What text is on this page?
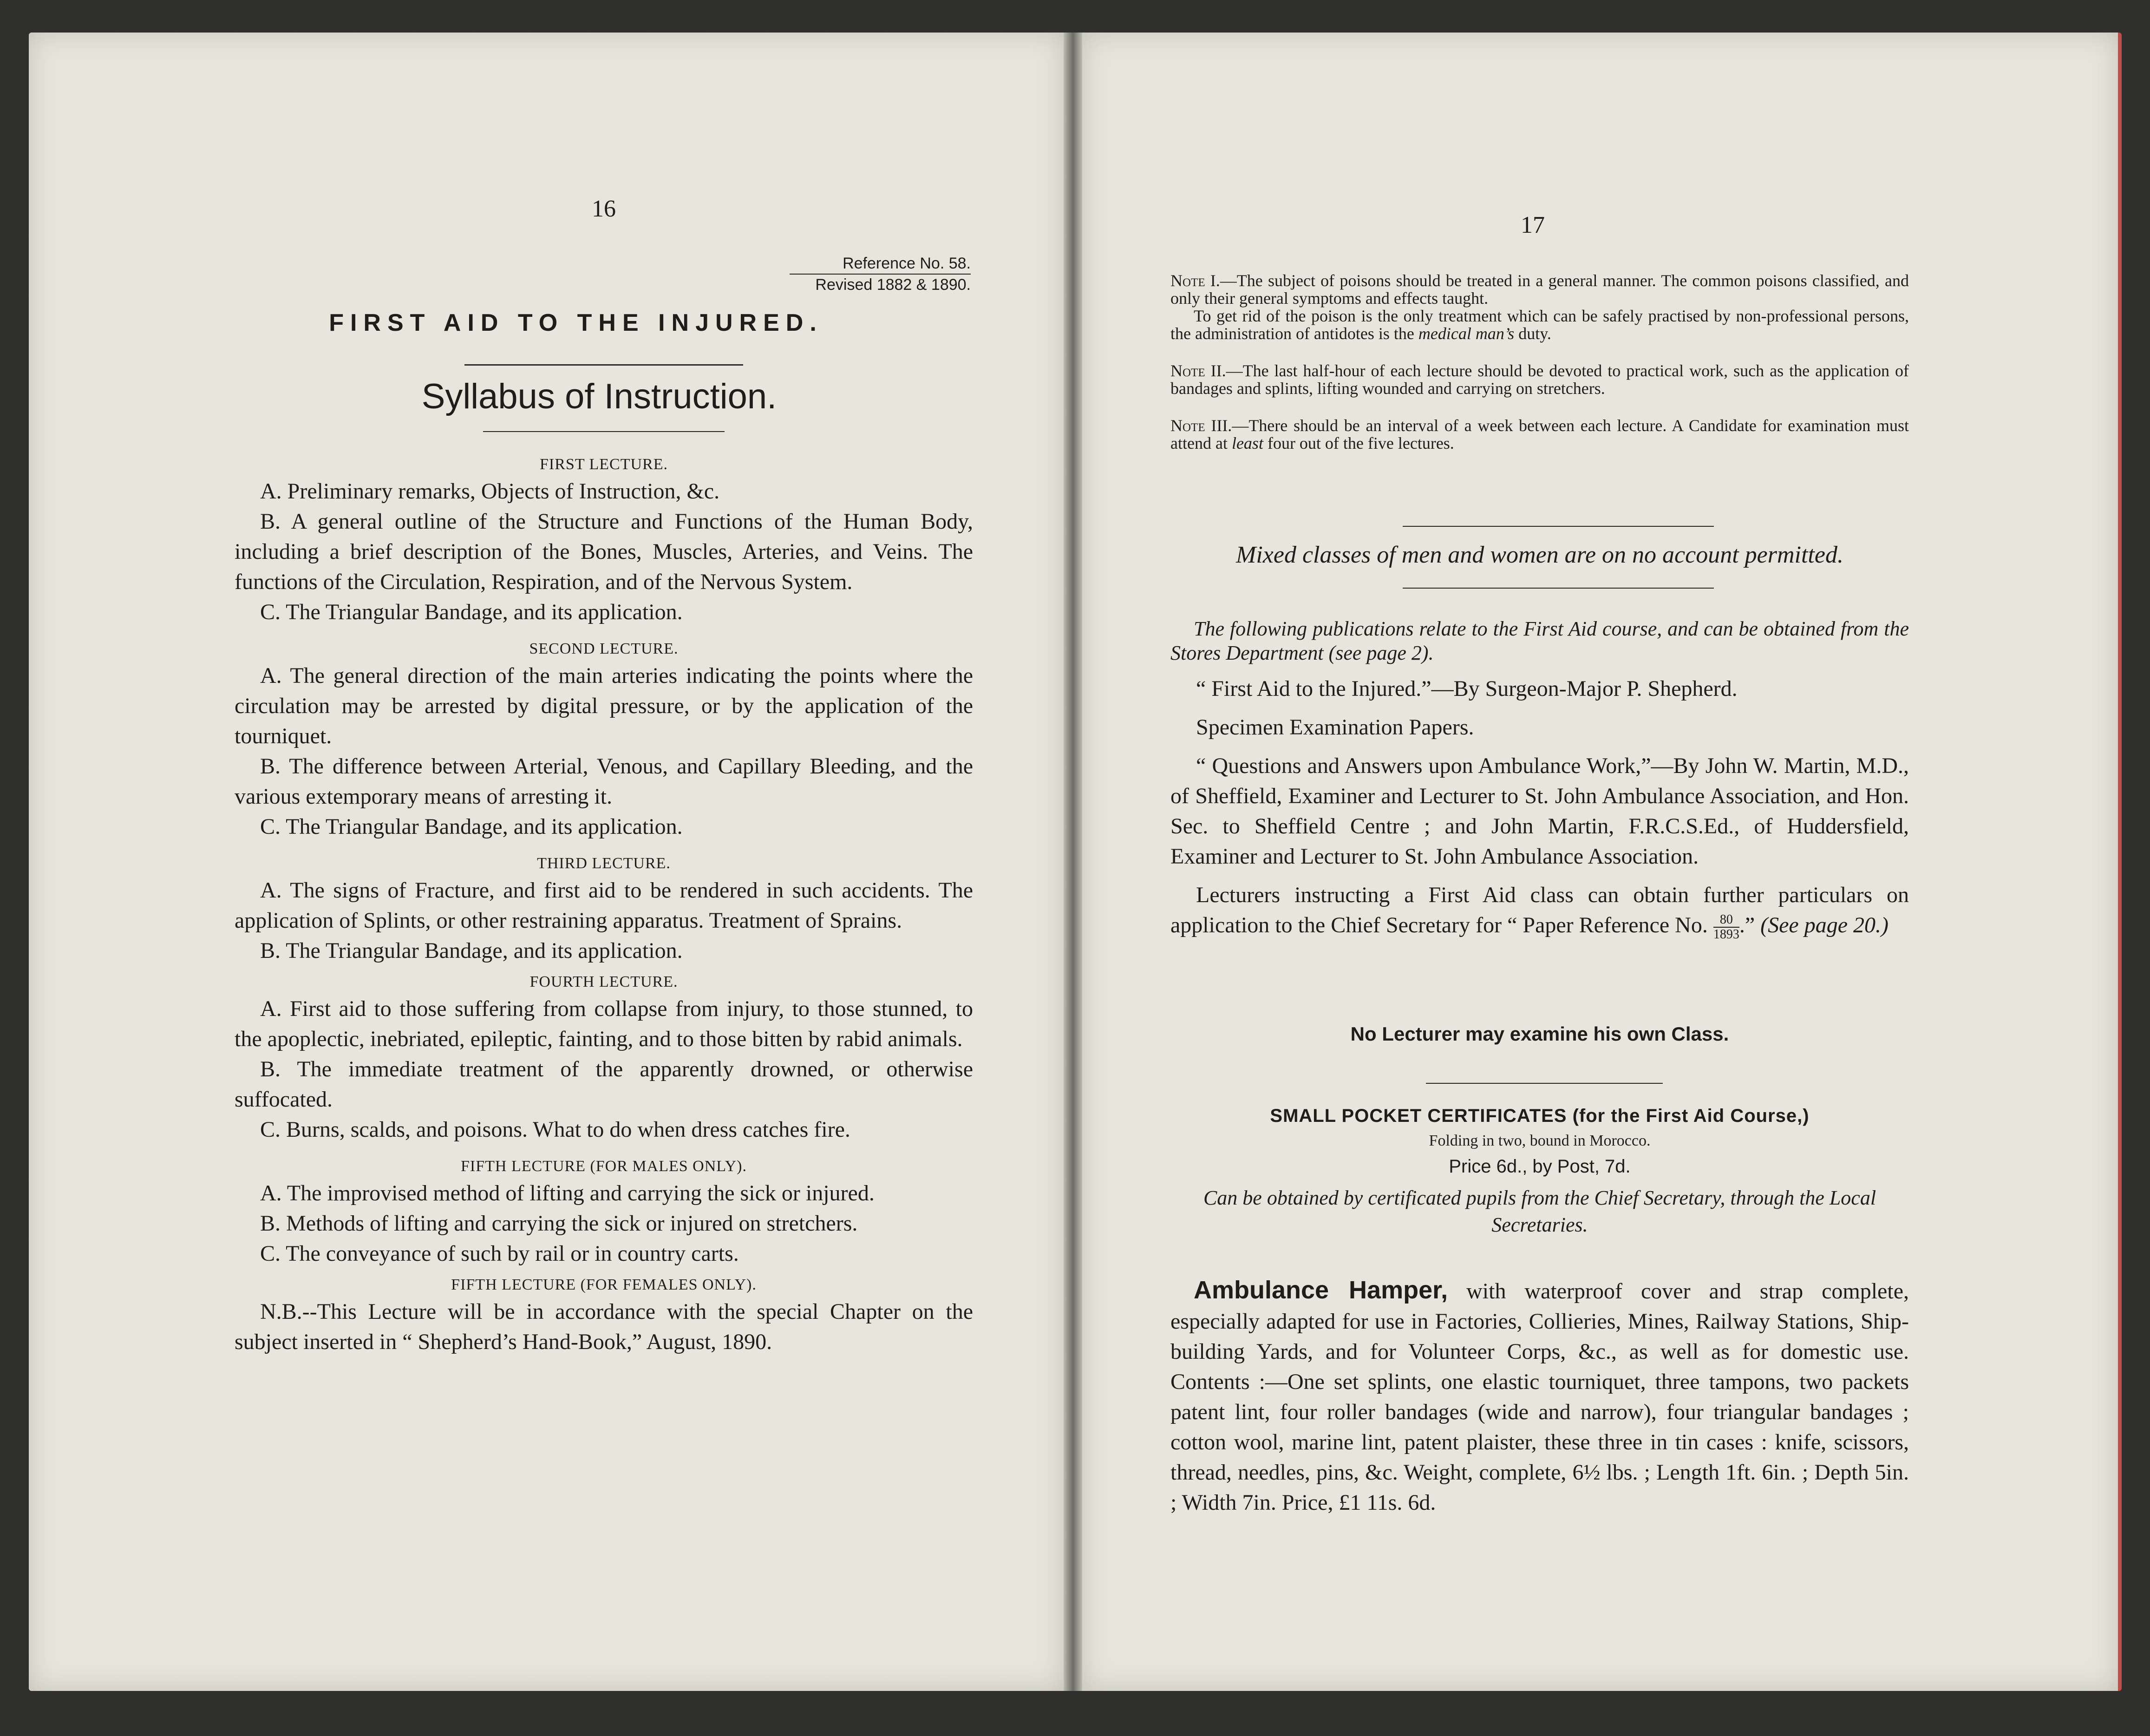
16
Reference No. 58.
Revised 1882 & 1890.
FIRST AID TO THE INJURED.
Syllabus of Instruction.
FIRST LECTURE.
A. Preliminary remarks, Objects of Instruction, &c.
B. A general outline of the Structure and Functions of the Human Body, including a brief description of the Bones, Muscles, Arteries, and Veins. The functions of the Circulation, Respiration, and of the Nervous System.
C. The Triangular Bandage, and its application.
SECOND LECTURE.
A. The general direction of the main arteries indicating the points where the circulation may be arrested by digital pressure, or by the application of the tourniquet.
B. The difference between Arterial, Venous, and Capillary Bleeding, and the various extemporary means of arresting it.
C. The Triangular Bandage, and its application.
THIRD LECTURE.
A. The signs of Fracture, and first aid to be rendered in such accidents. The application of Splints, or other restraining apparatus. Treatment of Sprains.
B. The Triangular Bandage, and its application.
FOURTH LECTURE.
A. First aid to those suffering from collapse from injury, to those stunned, to the apoplectic, inebriated, epileptic, fainting, and to those bitten by rabid animals.
B. The immediate treatment of the apparently drowned, or otherwise suffocated.
C. Burns, scalds, and poisons. What to do when dress catches fire.
FIFTH LECTURE (FOR MALES ONLY).
A. The improvised method of lifting and carrying the sick or injured.
B. Methods of lifting and carrying the sick or injured on stretchers.
C. The conveyance of such by rail or in country carts.
FIFTH LECTURE (FOR FEMALES ONLY).
N.B.--This Lecture will be in accordance with the special Chapter on the subject inserted in “ Shepherd’s Hand-Book,” August, 1890.
17
Note I.—The subject of poisons should be treated in a general manner. The common poisons classified, and only their general symptoms and effects taught.
To get rid of the poison is the only treatment which can be safely practised by non-professional persons, the administration of antidotes is the medical man’s duty.
Note II.—The last half-hour of each lecture should be devoted to practical work, such as the application of bandages and splints, lifting wounded and carrying on stretchers.
Note III.—There should be an interval of a week between each lecture. A Candidate for examination must attend at least four out of the five lectures.
Mixed classes of men and women are on no account permitted.
The following publications relate to the First Aid course, and can be obtained from the Stores Department (see page 2).
“ First Aid to the Injured.”—By Surgeon-Major P. Shepherd.
Specimen Examination Papers.
“ Questions and Answers upon Ambulance Work,”—By John W. Martin, M.D., of Sheffield, Examiner and Lecturer to St. John Ambulance Association, and Hon. Sec. to Sheffield Centre ; and John Martin, F.R.C.S.Ed., of Huddersfield, Examiner and Lecturer to St. John Ambulance Association.
Lecturers instructing a First Aid class can obtain further particulars on application to the Chief Secretary for “ Paper Reference No. $\frac{80}{1893}$ .” (See page 20.)
No Lecturer may examine his own Class.
SMALL POCKET CERTIFICATES (for the First Aid Course,)
Folding in two, bound in Morocco.
Price 6d., by Post, 7d.
Can be obtained by certificated pupils from the Chief Secretary, through the Local Secretaries.
Ambulance Hamper, with waterproof cover and strap complete, especially adapted for use in Factories, Collieries, Mines, Railway Stations, Ship-building Yards, and for Volunteer Corps, &c., as well as for domestic use. Contents :—One set splints, one elastic tourniquet, three tampons, two packets patent lint, four roller bandages (wide and narrow), four triangular bandages ; cotton wool, marine lint, patent plaister, these three in tin cases : knife, scissors, thread, needles, pins, &c. Weight, complete, 6½ lbs. ; Length 1ft. 6in. ; Depth 5in. ; Width 7in. Price, £1 11s. 6d.
